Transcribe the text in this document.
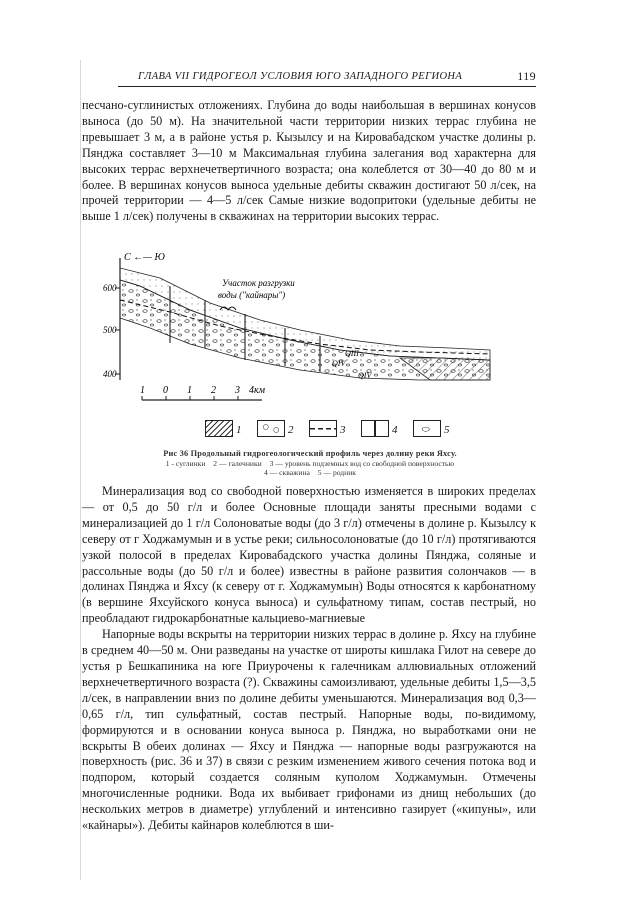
ГЛАВА VII ГИДРОГЕОЛ УСЛОВИЯ ЮГО ЗАПАДНОГО РЕГИОНА	119

песчано-суглинистых отложениях. Глубина до воды наибольшая в вершинах конусов выноса (до 50 м). На значительной части территории низких террас глубина не превышает 3 м, а в районе устья р. Кызылсу и на Кировабадском участке долины р. Пянджа составляет 3—10 м Максимальная глубина залегания вод характерна для высоких террас верхнечетвертичного возраста; она колеблется от 30—40 до 80 м и более. В вершинах конусов выноса удельные дебиты скважин достигают 50 л/сек, на прочей территории — 4—5 л/сек Самые низкие водопритоки (удельные дебиты не выше 1 л/сек) получены в скважинах на территории высоких террас.

600
500
400
С ←— Ю
Участок разгрузки
воды ("кайнары")
QIII
QIV
QIV
1 0 1 2 3 4км
1	2	3	4	5
Рис 36 Продольный гидрогеологический профиль через долину реки Яхсу.
1 - суглинки 2 — галечники 3 — уровень подземных вод со свободной поверхностью
4 — скважина 5 — родник

Минерализация вод со свободной поверхностью изменяется в широких пределах — от 0,5 до 50 г/л и более Основные площади заняты пресными водами с минерализацией до 1 г/л Солоноватые воды (до 3 г/л) отмечены в долине р. Кызылсу к северу от г Ходжамумын и в устье реки; сильносолоноватые (до 10 г/л) протягиваются узкой полосой в пределах Кировабадского участка долины Пянджа, соляные и рассольные воды (до 50 г/л и более) известны в районе развития солончаков — в долинах Пянджа и Яхсу (к северу от г. Ходжамумын) Воды относятся к карбонатному (в вершине Яхсуйского конуса выноса) и сульфатному типам, состав пестрый, но преобладают гидрокарбонатные кальциево-магниевые

Напорные воды вскрыты на территории низких террас в долине р. Яхсу на глубине в среднем 40—50 м. Они разведаны на участке от широты кишлака Гилот на севере до устья р Бешкапиника на юге Приурочены к галечникам аллювиальных отложений верхнечетвертичного возраста (?). Скважины самоизливают, удельные дебиты 1,5—3,5 л/сек, в направлении вниз по долине дебиты уменьшаются. Минерализация вод 0,3—0,65 г/л, тип сульфатный, состав пестрый. Напорные воды, по-видимому, формируются и в основании конуса выноса р. Пянджа, но выработками они не вскрыты В обеих долинах — Яхсу и Пянджа — напорные воды разгружаются на поверхность (рис. 36 и 37) в связи с резким изменением живого сечения потока вод и подпором, который создается соляным куполом Ходжамумын. Отмечены многочисленные родники. Вода их выбивает грифонами из днищ небольших (до нескольких метров в диаметре) углублений и интенсивно газирует («кипуны», или «кайнары»). Дебиты кайнаров колеблются в ши-
